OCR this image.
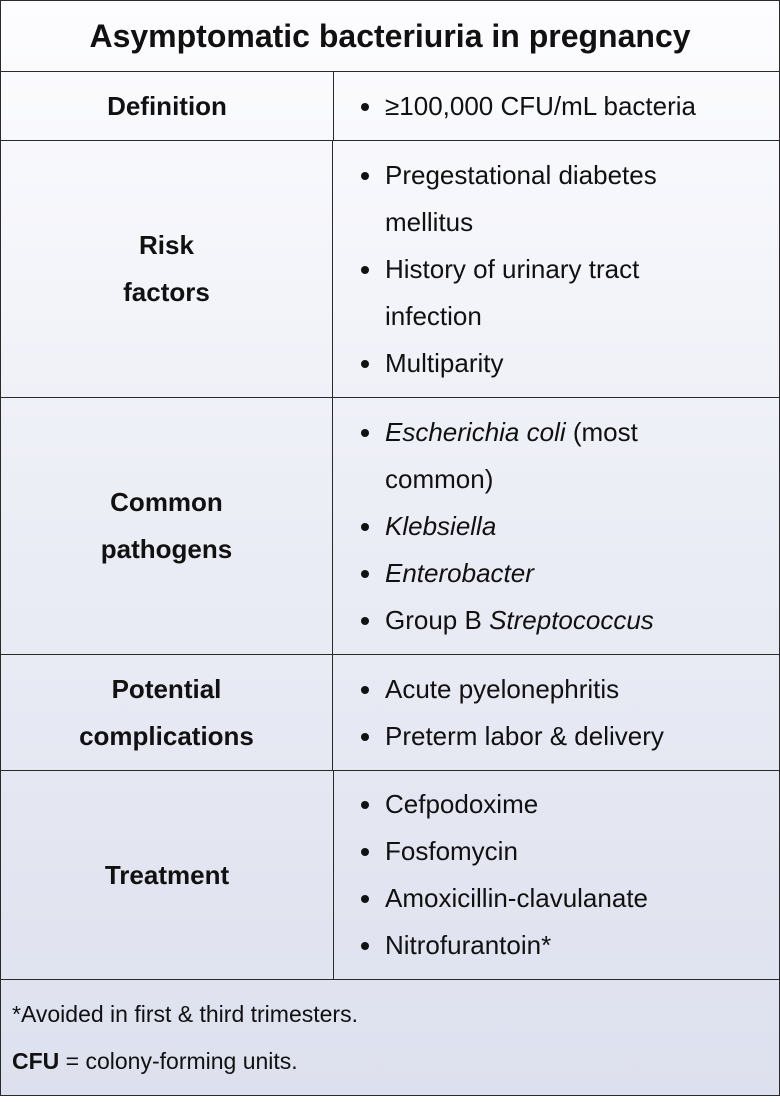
Asymptomatic bacteriuria in pregnancy
Definition	≥100,000 CFU/mL bacteria
Risk factors
Pregestational diabetes mellitus
History of urinary tract infection
Multiparity
Common pathogens
Escherichia coli (most common)
Klebsiella
Enterobacter
Group B Streptococcus
Potential complications
Acute pyelonephritis
Preterm labor & delivery
Treatment
Cefpodoxime
Fosfomycin
Amoxicillin-clavulanate
Nitrofurantoin*
*Avoided in first & third trimesters.
CFU = colony-forming units.
